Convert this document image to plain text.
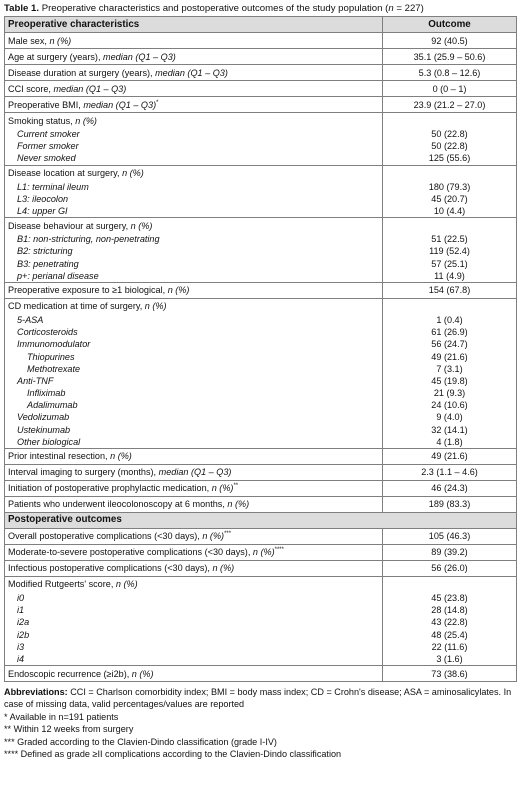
Table 1. Preoperative characteristics and postoperative outcomes of the study population (n = 227)
Preoperative characteristics	Outcome
Male sex, n (%)	92 (40.5)
Age at surgery (years), median (Q1 – Q3)	35.1 (25.9 – 50.6)
Disease duration at surgery (years), median (Q1 – Q3)	5.3 (0.8 – 12.6)
CCI score, median (Q1 – Q3)	0 (0 – 1)
Preoperative BMI, median (Q1 – Q3)*	23.9 (21.2 – 27.0)
Smoking status, n (%)	
Current smoker	50 (22.8)
Former smoker	50 (22.8)
Never smoked	125 (55.6)
Disease location at surgery, n (%)	
L1: terminal ileum	180 (79.3)
L3: ileocolon	45 (20.7)
L4: upper GI	10 (4.4)
Disease behaviour at surgery, n (%)	
B1: non-stricturing, non-penetrating	51 (22.5)
B2: stricturing	119 (52.4)
B3: penetrating	57 (25.1)
p+: perianal disease	11 (4.9)
Preoperative exposure to ≥1 biological, n (%)	154 (67.8)
CD medication at time of surgery, n (%)	
5-ASA	1 (0.4)
Corticosteroids	61 (26.9)
Immunomodulator	56 (24.7)
Thiopurines	49 (21.6)
Methotrexate	7 (3.1)
Anti-TNF	45 (19.8)
Infliximab	21 (9.3)
Adalimumab	24 (10.6)
Vedolizumab	9 (4.0)
Ustekinumab	32 (14.1)
Other biological	4 (1.8)
Prior intestinal resection, n (%)	49 (21.6)
Interval imaging to surgery (months), median (Q1 – Q3)	2.3 (1.1 – 4.6)
Initiation of postoperative prophylactic medication, n (%)**	46 (24.3)
Patients who underwent ileocolonoscopy at 6 months, n (%)	189 (83.3)
Postoperative outcomes	
Overall postoperative complications (<30 days), n (%)***	105 (46.3)
Moderate-to-severe postoperative complications (<30 days), n (%)****	89 (39.2)
Infectious postoperative complications (<30 days), n (%)	56 (26.0)
Modified Rutgeerts' score, n (%)	
i0	45 (23.8)
i1	28 (14.8)
i2a	43 (22.8)
i2b	48 (25.4)
i3	22 (11.6)
i4	3 (1.6)
Endoscopic recurrence (≥i2b), n (%)	73 (38.6)
Abbreviations: CCI = Charlson comorbidity index; BMI = body mass index; CD = Crohn's disease; ASA = aminosalicylates. In case of missing data, valid percentages/values are reported
* Available in n=191 patients
** Within 12 weeks from surgery
*** Graded according to the Clavien-Dindo classification (grade I-IV)
**** Defined as grade ≥II complications according to the Clavien-Dindo classification
